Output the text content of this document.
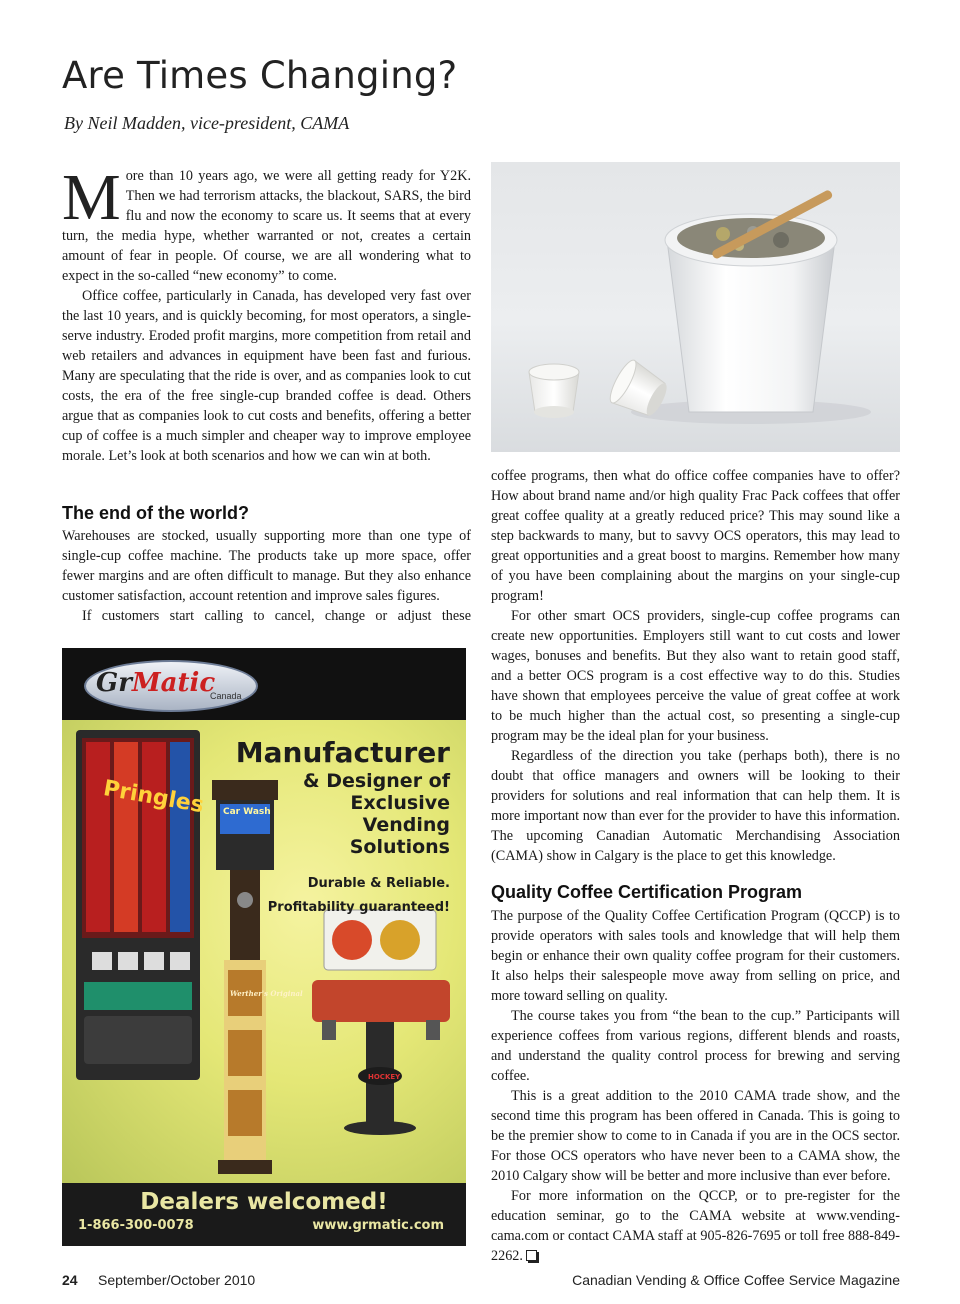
Are Times Changing?
By Neil Madden, vice-president, CAMA

More than 10 years ago, we were all getting ready for Y2K. Then we had terrorism attacks, the blackout, SARS, the bird flu and now the economy to scare us. It seems that at every turn, the media hype, whether warranted or not, creates a certain amount of fear in people. Of course, we are all wondering what to expect in the so-called “new economy” to come.

Office coffee, particularly in Canada, has developed very fast over the last 10 years, and is quickly becoming, for most operators, a single-serve industry. Eroded profit margins, more competition from retail and web retailers and advances in equipment have been fast and furious. Many are speculating that the ride is over, and as companies look to cut costs, the era of the free single-cup branded coffee is dead. Others argue that as companies look to cut costs and benefits, offering a better cup of coffee is a much simpler and cheaper way to improve employee morale. Let’s look at both scenarios and how we can win at both.

The end of the world?

Warehouses are stocked, usually supporting more than one type of single-cup coffee machine. The products take up more space, offer fewer margins and are often difficult to manage. But they also enhance customer satisfaction, account retention and improve sales figures.

If customers start calling to cancel, change or adjust these

coffee programs, then what do office coffee companies have to offer? How about brand name and/or high quality Frac Pack coffees that offer great coffee quality at a greatly reduced price? This may sound like a step backwards to many, but to savvy OCS operators, this may lead to great opportunities and a great boost to margins. Remember how many of you have been complaining about the margins on your single-cup program!

For other smart OCS providers, single-cup coffee programs can create new opportunities. Employers still want to cut costs and lower wages, bonuses and benefits. But they also want to retain good staff, and a better OCS program is a cost effective way to do this. Studies have shown that employees perceive the value of great coffee at work to be much higher than the actual cost, so presenting a single-cup program may be the ideal plan for your business.

Regardless of the direction you take (perhaps both), there is no doubt that office managers and owners will be looking to their providers for solutions and real information that can help them. It is more important now than ever for the provider to have this information. The upcoming Canadian Automatic Merchandising Association (CAMA) show in Calgary is the place to get this knowledge.

Quality Coffee Certification Program

The purpose of the Quality Coffee Certification Program (QCCP) is to provide operators with sales tools and knowledge that will help them begin or enhance their own quality coffee program for their customers. It also helps their salespeople move away from selling on price, and more toward selling on quality.

The course takes you from “the bean to the cup.” Participants will experience coffees from various regions, different blends and roasts, and understand the quality control process for brewing and serving coffee.

This is a great addition to the 2010 CAMA trade show, and the second time this program has been offered in Canada. This is going to be the premier show to come to in Canada if you are in the OCS sector. For those OCS operators who have never been to a CAMA show, the 2010 Calgary show will be better and more inclusive than ever before.

For more information on the QCCP, or to pre-register for the education seminar, go to the CAMA website at www.vending-cama.com or contact CAMA staff at 905-826-7695 or toll free 888-849-2262.

GrMatic
Canada
Pringles Car Wash
Werther's Original
HOCKEY
Manufacturer
& Designer of
Exclusive
Vending
Solutions
Durable & Reliable.
Profitability guaranteed!
Dealers welcomed!
1-866-300-0078	www.grmatic.com
24 September/October 2010	Canadian Vending & Office Coffee Service Magazine
